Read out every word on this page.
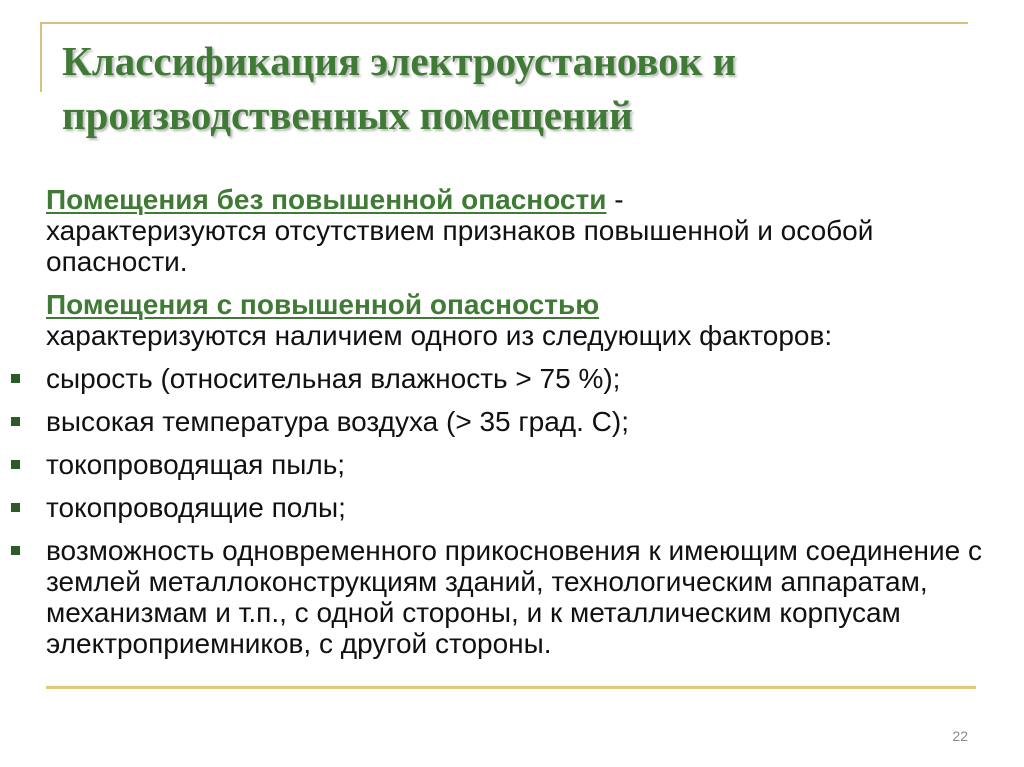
Классификация электроустановок и производственных помещений

Помещения без повышенной опасности -
характеризуются отсутствием признаков повышенной и особой опасности.

Помещения с повышенной опасностью
характеризуются наличием одного из следующих факторов:

сырость (относительная влажность > 75 %);
высокая температура воздуха (> 35 град. С);
токопроводящая пыль;
токопроводящие полы;
возможность одновременного прикосновения к имеющим соединение с землей металлоконструкциям зданий, технологическим аппаратам, механизмам и т.п., с одной стороны, и к металлическим корпусам электроприемников, с другой стороны.
22
